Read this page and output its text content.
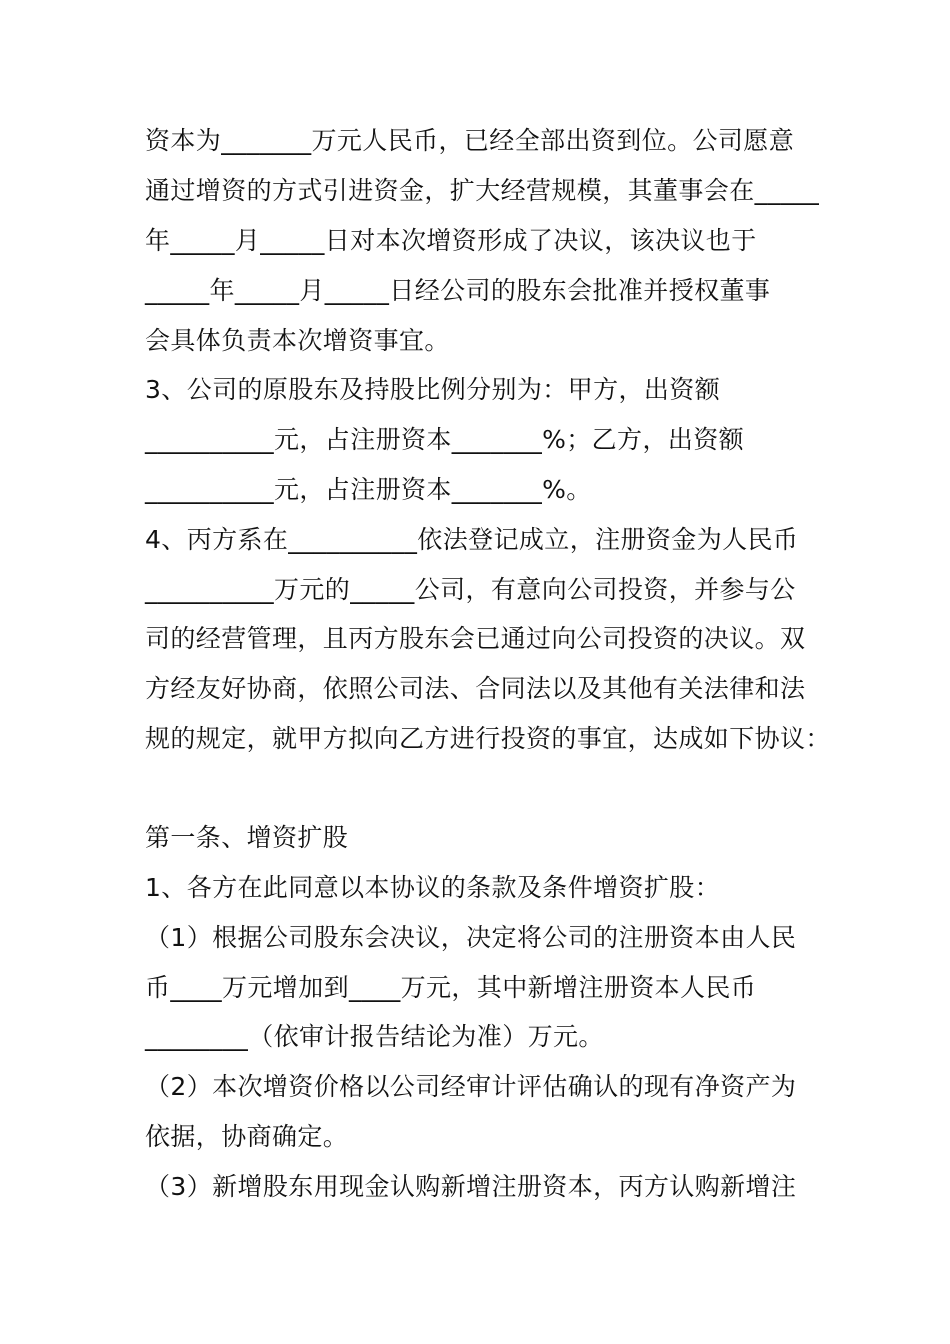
资本为_______万元人民币，已经全部出资到位。公司愿意
通过增资的方式引进资金，扩大经营规模，其董事会在_____
年_____月_____日对本次增资形成了决议，该决议也于
_____年_____月_____日经公司的股东会批准并授权董事
会具体负责本次增资事宜。
3、公司的原股东及持股比例分别为：甲方，出资额
__________元，占注册资本_______%；乙方，出资额
__________元，占注册资本_______%。
4、丙方系在__________依法登记成立，注册资金为人民币
__________万元的_____公司，有意向公司投资，并参与公
司的经营管理，且丙方股东会已通过向公司投资的决议。双
方经友好协商，依照公司法、合同法以及其他有关法律和法
规的规定，就甲方拟向乙方进行投资的事宜，达成如下协议：
第一条、增资扩股
1、各方在此同意以本协议的条款及条件增资扩股：
（1）根据公司股东会决议，决定将公司的注册资本由人民
币____万元增加到____万元，其中新增注册资本人民币
________（依审计报告结论为准）万元。
（2）本次增资价格以公司经审计评估确认的现有净资产为
依据，协商确定。
（3）新增股东用现金认购新增注册资本，丙方认购新增注
